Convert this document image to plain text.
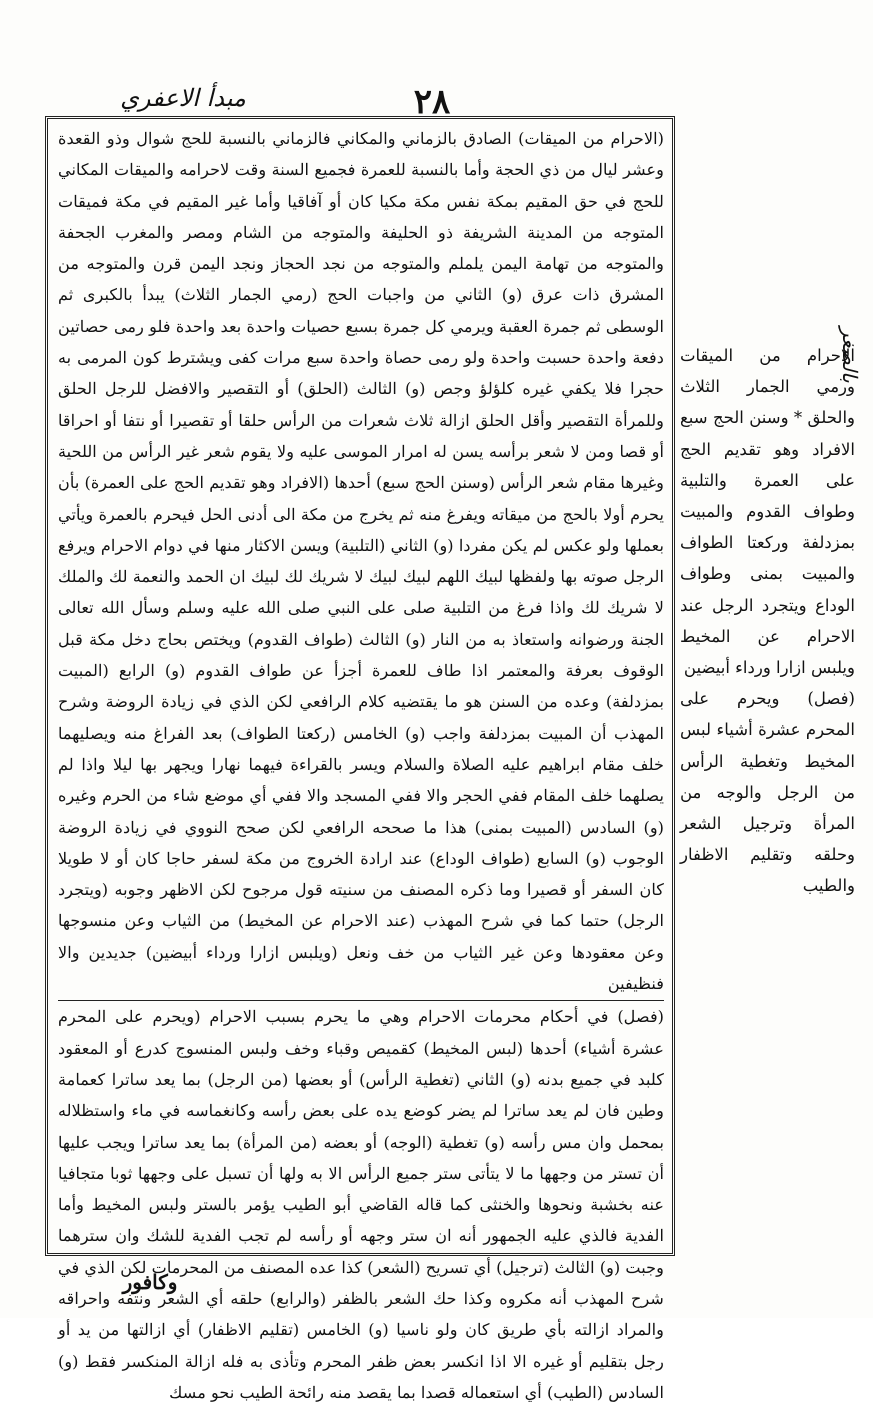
مبدأ الاعفري	٢٨
بالصغر

(الاحرام من الميقات) الصادق بالزماني والمكاني فالزماني بالنسبة للحج شوال وذو القعدة وعشر ليال من ذي الحجة وأما بالنسبة للعمرة فجميع السنة وقت لاحرامه والميقات المكاني للحج في حق المقيم بمكة نفس مكة مكيا كان أو آفاقيا وأما غير المقيم في مكة فميقات المتوجه من المدينة الشريفة ذو الحليفة والمتوجه من الشام ومصر والمغرب الجحفة والمتوجه من تهامة اليمن يلملم والمتوجه من نجد الحجاز ونجد اليمن قرن والمتوجه من المشرق ذات عرق (و) الثاني من واجبات الحج (رمي الجمار الثلاث) يبدأ بالكبرى ثم الوسطى ثم جمرة العقبة ويرمي كل جمرة بسبع حصيات واحدة بعد واحدة فلو رمى حصاتين دفعة واحدة حسبت واحدة ولو رمى حصاة واحدة سبع مرات كفى ويشترط كون المرمى به حجرا فلا يكفي غيره كلؤلؤ وجص (و) الثالث (الحلق) أو التقصير والافضل للرجل الحلق وللمرأة التقصير وأقل الحلق ازالة ثلاث شعرات من الرأس حلقا أو تقصيرا أو نتفا أو احراقا أو قصا ومن لا شعر برأسه يسن له امرار الموسى عليه ولا يقوم شعر غير الرأس من اللحية وغيرها مقام شعر الرأس (وسنن الحج سبع) أحدها (الافراد وهو تقديم الحج على العمرة) بأن يحرم أولا بالحج من ميقاته ويفرغ منه ثم يخرج من مكة الى أدنى الحل فيحرم بالعمرة ويأتي بعملها ولو عكس لم يكن مفردا (و) الثاني (التلبية) ويسن الاكثار منها في دوام الاحرام ويرفع الرجل صوته بها ولفظها لبيك اللهم لبيك لبيك لا شريك لك لبيك ان الحمد والنعمة لك والملك لا شريك لك واذا فرغ من التلبية صلى على النبي صلى الله عليه وسلم وسأل الله تعالى الجنة ورضوانه واستعاذ به من النار (و) الثالث (طواف القدوم) ويختص بحاج دخل مكة قبل الوقوف بعرفة والمعتمر اذا طاف للعمرة أجزأ عن طواف القدوم (و) الرابع (المبيت بمزدلفة) وعده من السنن هو ما يقتضيه كلام الرافعي لكن الذي في زيادة الروضة وشرح المهذب أن المبيت بمزدلفة واجب (و) الخامس (ركعتا الطواف) بعد الفراغ منه ويصليهما خلف مقام ابراهيم عليه الصلاة والسلام ويسر بالقراءة فيهما نهارا ويجهر بها ليلا واذا لم يصلهما خلف المقام ففي الحجر والا ففي المسجد والا ففي أي موضع شاء من الحرم وغيره (و) السادس (المبيت بمنى) هذا ما صححه الرافعي لكن صحح النووي في زيادة الروضة الوجوب (و) السابع (طواف الوداع) عند ارادة الخروج من مكة لسفر حاجا كان أو لا طويلا كان السفر أو قصيرا وما ذكره المصنف من سنيته قول مرجوح لكن الاظهر وجوبه (ويتجرد الرجل) حتما كما في شرح المهذب (عند الاحرام عن المخيط) من الثياب وعن منسوجها وعن معقودها وعن غير الثياب من خف ونعل (ويلبس ازارا ورداء أبيضين) جديدين والا فنظيفين

(فصل) في أحكام محرمات الاحرام وهي ما يحرم بسبب الاحرام (ويحرم على المحرم عشرة أشياء) أحدها (لبس المخيط) كقميص وقباء وخف ولبس المنسوج كدرع أو المعقود كلبد في جميع بدنه (و) الثاني (تغطية الرأس) أو بعضها (من الرجل) بما يعد ساترا كعمامة وطين فان لم يعد ساترا لم يضر كوضع يده على بعض رأسه وكانغماسه في ماء واستظلاله بمحمل وان مس رأسه (و) تغطية (الوجه) أو بعضه (من المرأة) بما يعد ساترا ويجب عليها أن تستر من وجهها ما لا يتأتى ستر جميع الرأس الا به ولها أن تسبل على وجهها ثوبا متجافيا عنه بخشبة ونحوها والخنثى كما قاله القاضي أبو الطيب يؤمر بالستر ولبس المخيط وأما الفدية فالذي عليه الجمهور أنه ان ستر وجهه أو رأسه لم تجب الفدية للشك وان سترهما وجبت (و) الثالث (ترجيل) أي تسريح (الشعر) كذا عده المصنف من المحرمات لكن الذي في شرح المهذب أنه مكروه وكذا حك الشعر بالظفر (والرابع) حلقه أي الشعر ونتفه واحراقه والمراد ازالته بأي طريق كان ولو ناسيا (و) الخامس (تقليم الاظفار) أي ازالتها من يد أو رجل بتقليم أو غيره الا اذا انكسر بعض ظفر المحرم وتأذى به فله ازالة المنكسر فقط (و) السادس (الطيب) أي استعماله قصدا بما يقصد منه رائحة الطيب نحو مسك

الاحرام من الميقات ورمي الجمار الثلاث والحلق * وسنن الحج سبع الافراد وهو تقديم الحج على العمرة والتلبية وطواف القدوم والمبيت بمزدلفة وركعتا الطواف والمبيت بمنى وطواف الوداع ويتجرد الرجل عند الاحرام عن المخيط ويلبس ازارا ورداء أبيضين

(فصل) ويحرم على المحرم عشرة أشياء لبس المخيط وتغطية الرأس من الرجل والوجه من المرأة وترجيل الشعر وحلقه وتقليم الاظفار والطيب

وكافور
